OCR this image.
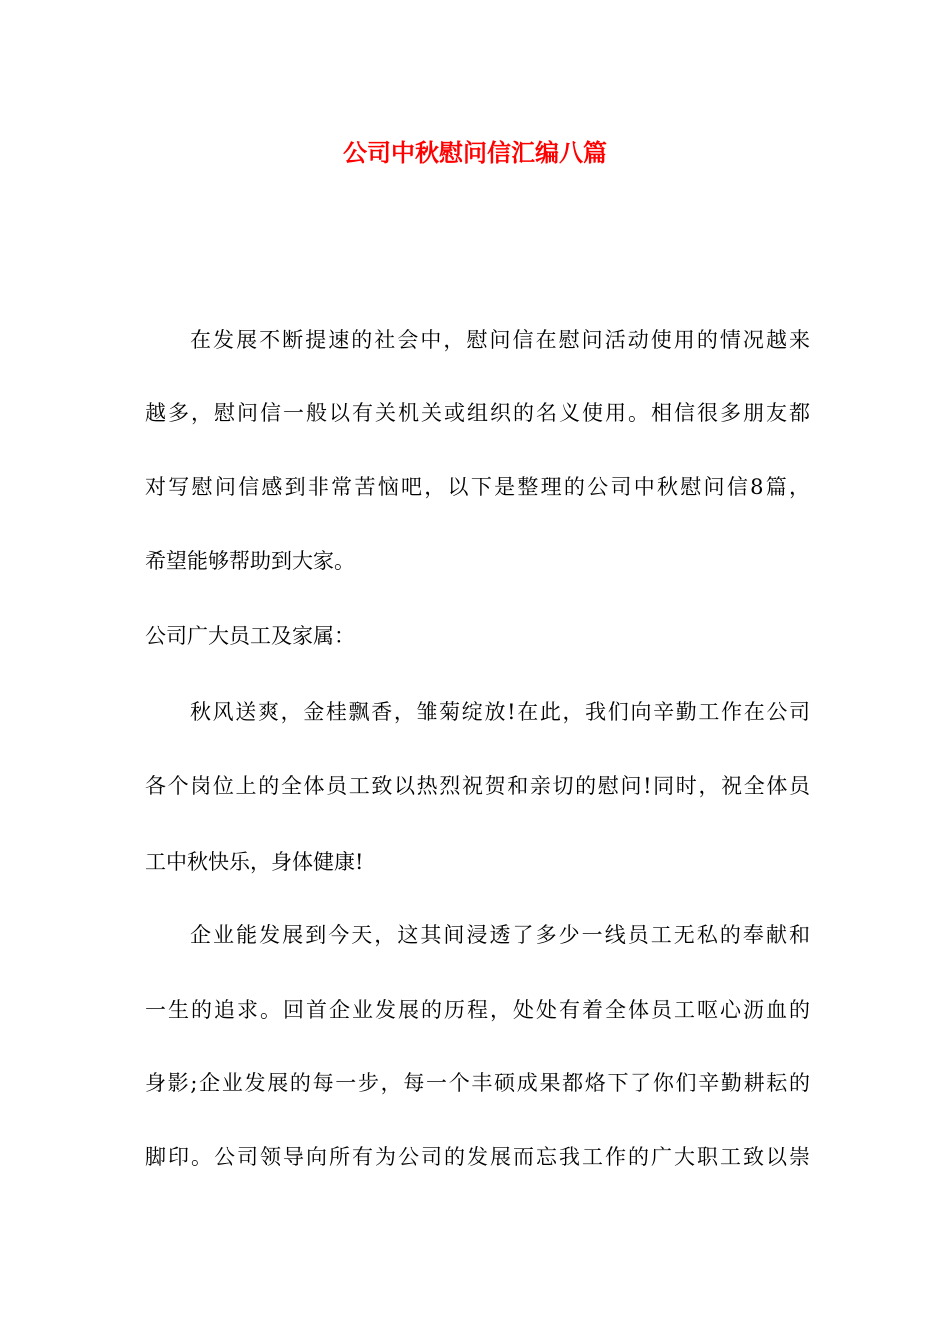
公司中秋慰问信汇编八篇
在发展不断提速的社会中，慰问信在慰问活动使用的情况越来
越多，慰问信一般以有关机关或组织的名义使用。相信很多朋友都
对写慰问信感到非常苦恼吧，以下是整理的公司中秋慰问信8篇，
希望能够帮助到大家。
公司广大员工及家属：
秋风送爽，金桂飘香，雏菊绽放!在此，我们向辛勤工作在公司
各个岗位上的全体员工致以热烈祝贺和亲切的慰问!同时，祝全体员
工中秋快乐，身体健康!
企业能发展到今天，这其间浸透了多少一线员工无私的奉献和
一生的追求。回首企业发展的历程，处处有着全体员工呕心沥血的
身影;企业发展的每一步，每一个丰硕成果都烙下了你们辛勤耕耘的
脚印。公司领导向所有为公司的发展而忘我工作的广大职工致以崇
